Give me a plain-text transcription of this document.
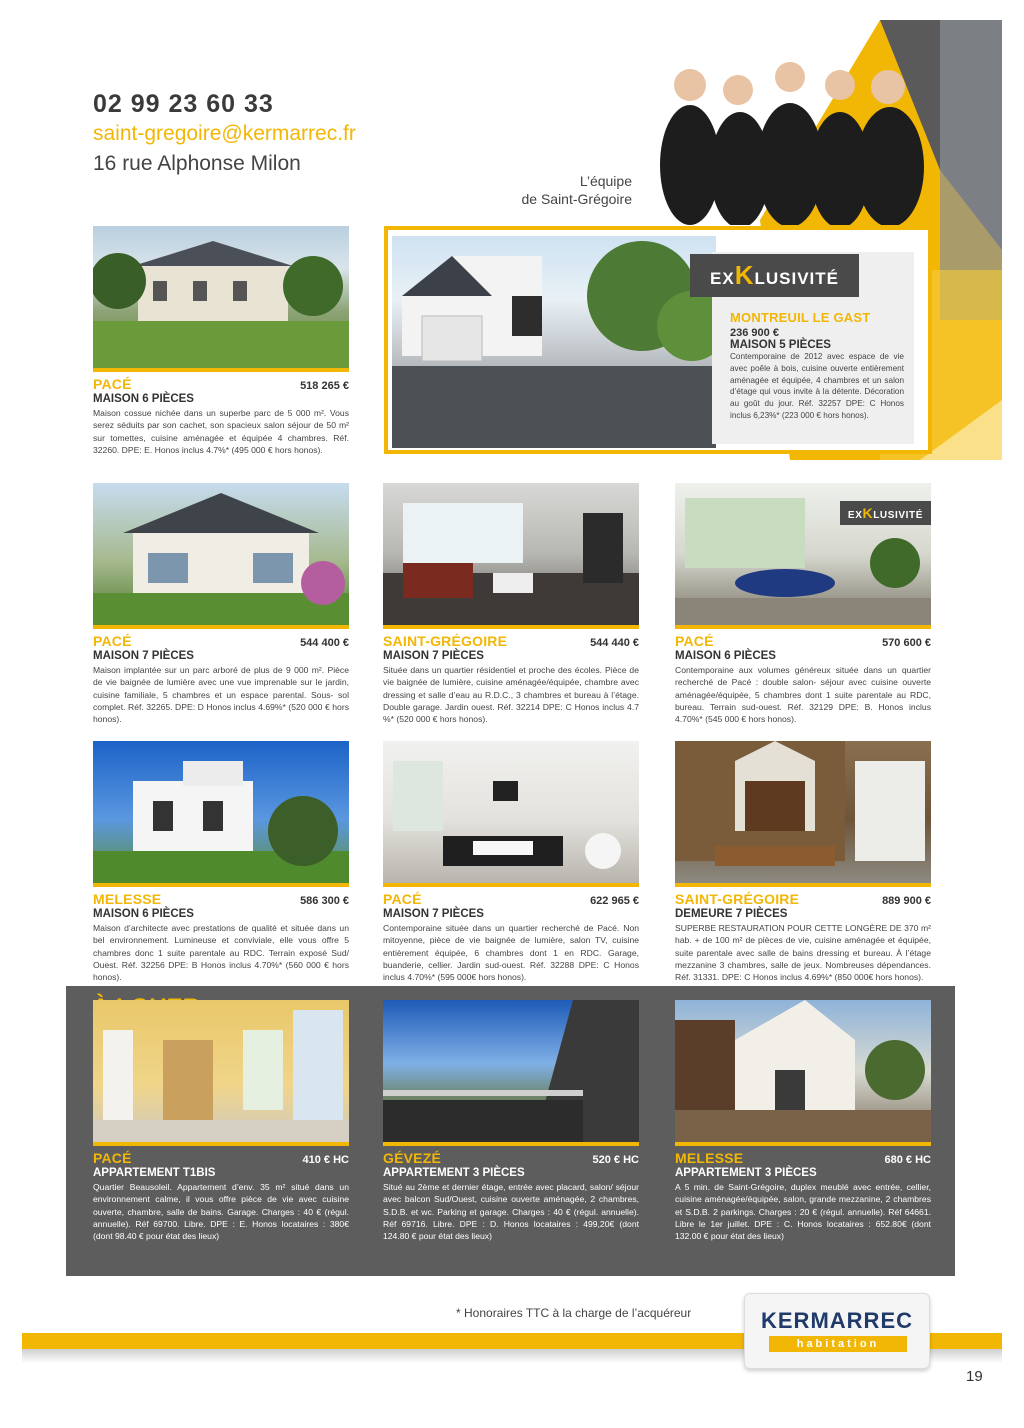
02 99 23 60 33
saint-gregoire@kermarrec.fr
16 rue Alphonse Milon
L’équipe
de Saint-Grégoire
PACÉ	518 265 €
MAISON 6 PIÈCES
Maison cossue nichée dans un superbe parc de 5 000 m². Vous serez séduits par son cachet, son spacieux salon séjour de 50 m² sur tomettes, cuisine aménagée et équipée 4 chambres. Réf. 32260. DPE: E. Honos inclus 4.7%* (495 000 € hors honos).
MONTREUIL LE GAST
236 900 €
MAISON 5 PIÈCES
Contemporaine de 2012 avec espace de vie avec poêle à bois, cuisine ouverte entièrement aménagée et équipée, 4 chambres et un salon d’étage qui vous invite à la détente. Décoration au goût du jour. Réf. 32257 DPE: C Honos inclus 6,23%* (223 000 € hors honos).
EXKLUSIVITÉ
PACÉ	544 400 €
MAISON 7 PIÈCES
Maison implantée sur un parc arboré de plus de 9 000 m². Pièce de vie baignée de lumière avec une vue imprenable sur le jardin, cuisine familiale, 5 chambres et un espace parental. Sous- sol complet. Réf. 32265. DPE: D Honos inclus 4.69%* (520 000 € hors honos).
SAINT-GRÉGOIRE	544 440 €
MAISON 7 PIÈCES
Située dans un quartier résidentiel et proche des écoles. Pièce de vie baignée de lumière, cuisine aménagée/équipée, chambre avec dressing et salle d’eau au R.D.C., 3 chambres et bureau à l’étage. Double garage. Jardin ouest. Réf. 32214 DPE: C Honos inclus 4.7 %* (520 000 € hors honos).
EXKLUSIVITÉ
PACÉ	570 600 €
MAISON 6 PIÈCES
Contemporaine aux volumes généreux située dans un quartier recherché de Pacé : double salon- séjour avec cuisine ouverte aménagée/équipée, 5 chambres dont 1 suite parentale au RDC, bureau. Terrain sud-ouest. Réf. 32129 DPE: B. Honos inclus 4.70%* (545 000 € hors honos).
MELESSE	586 300 €
MAISON 6 PIÈCES
Maison d’architecte avec prestations de qualité et située dans un bel environnement. Lumineuse et conviviale, elle vous offre 5 chambres donc 1 suite parentale au RDC. Terrain exposé Sud/ Ouest. Réf. 32256 DPE: B Honos inclus 4.70%* (560 000 € hors honos).
PACÉ	622 965 €
MAISON 7 PIÈCES
Contemporaine située dans un quartier recherché de Pacé. Non mitoyenne, pièce de vie baignée de lumière, salon TV, cuisine entièrement équipée, 6 chambres dont 1 en RDC. Garage, buanderie, cellier. Jardin sud-ouest. Réf. 32288 DPE: C Honos inclus 4.70%* (595 000€ hors honos).
SAINT-GRÉGOIRE	889 900 €
DEMEURE 7 PIÈCES
SUPERBE RESTAURATION POUR CETTE LONGÈRE DE 370 m² hab. + de 100 m² de pièces de vie, cuisine aménagée et équipée, suite parentale avec salle de bains dressing et bureau. À l’étage mezzanine 3 chambres, salle de jeux. Nombreuses dépendances. Réf. 31331. DPE: C Honos inclus 4.69%* (850 000€ hors honos).
PACÉ	410 € HC
APPARTEMENT T1BIS
Quartier Beausoleil. Appartement d’env. 35 m² situé dans un environnement calme, il vous offre pièce de vie avec cuisine ouverte, chambre, salle de bains. Garage. Charges : 40 € (régul. annuelle). Réf 69700. Libre. DPE : E. Honos locataires : 380€ (dont 98.40 € pour état des lieux)
GÉVEZÉ	520 € HC
APPARTEMENT 3 PIÈCES
Situé au 2ème et dernier étage, entrée avec placard, salon/ séjour avec balcon Sud/Ouest, cuisine ouverte aménagée, 2 chambres, S.D.B. et wc. Parking et garage. Charges : 40 € (régul. annuelle). Réf 69716. Libre. DPE : D. Honos locataires : 499,20€ (dont 124.80 € pour état des lieux)
MELESSE	680 € HC
APPARTEMENT 3 PIÈCES
A 5 min. de Saint-Grégoire, duplex meublé avec entrée, cellier, cuisine aménagée/équipée, salon, grande mezzanine, 2 chambres et S.D.B. 2 parkings. Charges : 20 € (régul. annuelle). Réf 64661. Libre le 1er juillet. DPE : C. Honos locataires : 652.80€ (dont 132.00 € pour état des lieux)
* Honoraires TTC à la charge de l’acquéreur	KERMARREC
habitation
19
